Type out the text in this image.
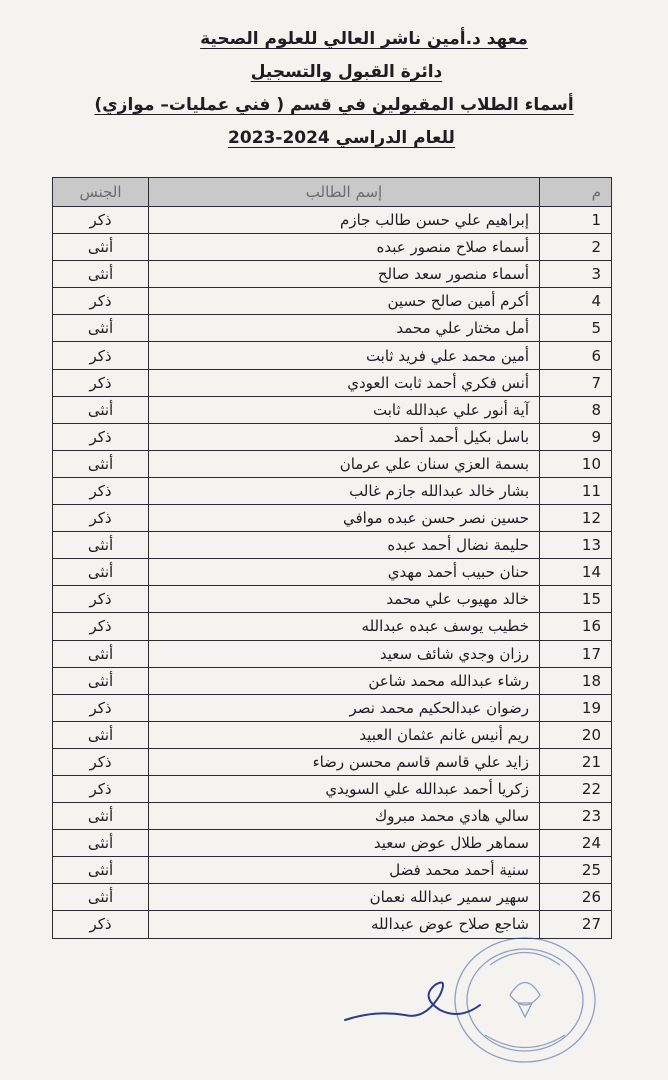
معهد د.أمين ناشر العالي للعلوم الصحية
دائرة القبول والتسجيل
أسماء الطلاب المقبولين في قسم ( فني عمليات– موازي)
للعام الدراسي 2024-2023
م	إسم الطالب	الجنس
1	إبراهيم علي حسن طالب جازم	ذكر
2	أسماء صلاح منصور عبده	أنثى
3	أسماء منصور سعد صالح	أنثى
4	أكرم أمين صالح حسين	ذكر
5	أمل مختار علي محمد	أنثى
6	أمين محمد علي فريد ثابت	ذكر
7	أنس فكري أحمد ثابت العودي	ذكر
8	آية أنور علي عبدالله ثابت	أنثى
9	باسل بكيل أحمد أحمد	ذكر
10	بسمة العزي سنان علي عرمان	أنثى
11	بشار خالد عبدالله جازم غالب	ذكر
12	حسين نصر حسن عبده موافي	ذكر
13	حليمة نضال أحمد عبده	أنثى
14	حنان حبيب أحمد مهدي	أنثى
15	خالد مهيوب علي محمد	ذكر
16	خطيب يوسف عبده عبدالله	ذكر
17	رزان وجدي شائف سعيد	أنثى
18	رشاء عبدالله محمد شاعن	أنثى
19	رضوان عبدالحكيم محمد نصر	ذكر
20	ريم أنيس غانم عثمان العبيد	أنثى
21	زايد علي قاسم قاسم محسن رضاء	ذكر
22	زكريا أحمد عبدالله علي السويدي	ذكر
23	سالي هادي محمد مبروك	أنثى
24	سماهر طلال عوض سعيد	أنثى
25	سنية أحمد محمد فضل	أنثى
26	سهير سمير عبدالله نعمان	أنثى
27	شاجع صلاح عوض عبدالله	ذكر
